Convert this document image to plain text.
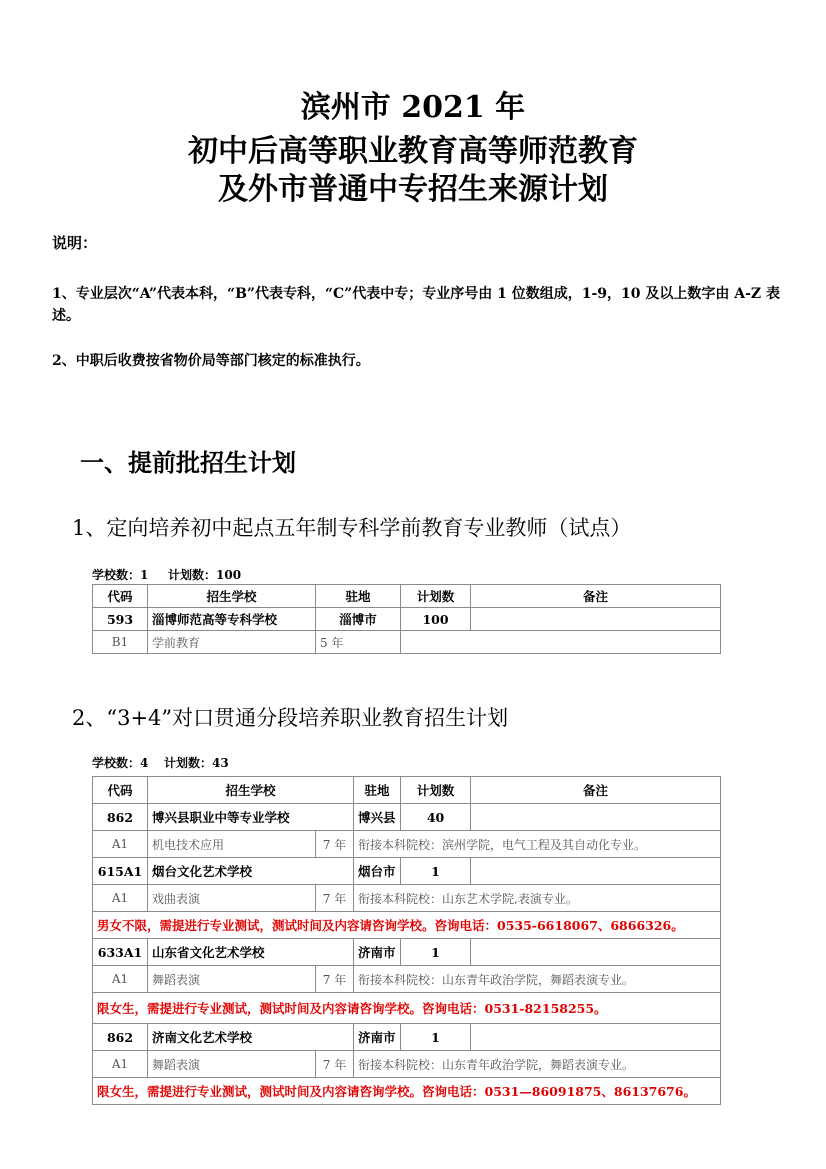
滨州市 2021 年
初中后高等职业教育高等师范教育
及外市普通中专招生来源计划
说明：
1、专业层次“A”代表本科，“B”代表专科，“C”代表中专；专业序号由 1 位数组成，1-9，10 及以上数字由 A-Z 表述。
2、中职后收费按省物价局等部门核定的标准执行。
一、提前批招生计划
1、定向培养初中起点五年制专科学前教育专业教师（试点）
学校数：1 计划数：100
代码	招生学校	驻地	计划数	备注
593	淄博师范高等专科学校	淄博市	100	
B1	学前教育	5 年		
2、“3+4”对口贯通分段培养职业教育招生计划
学校数：4 计划数：43
代码	招生学校		驻地	计划数	备注
862	博兴县职业中等专业学校		博兴县	40	
A1	机电技术应用	7 年	衔接本科院校：滨州学院，电气工程及其自动化专业。		
615A1	烟台文化艺术学校		烟台市	1	
A1	戏曲表演	7 年	衔接本科院校：山东艺术学院,表演专业。		
男女不限，需提进行专业测试，测试时间及内容请咨询学校。咨询电话：0535-6618067、6866326。					
633A1	山东省文化艺术学校		济南市	1	
A1	舞蹈表演	7 年	衔接本科院校：山东青年政治学院，舞蹈表演专业。		
限女生，需提进行专业测试，测试时间及内容请咨询学校。咨询电话：0531-82158255。					
862	济南文化艺术学校		济南市	1	
A1	舞蹈表演	7 年	衔接本科院校：山东青年政治学院，舞蹈表演专业。		
限女生，需提进行专业测试，测试时间及内容请咨询学校。咨询电话：0531—86091875、86137676。					
